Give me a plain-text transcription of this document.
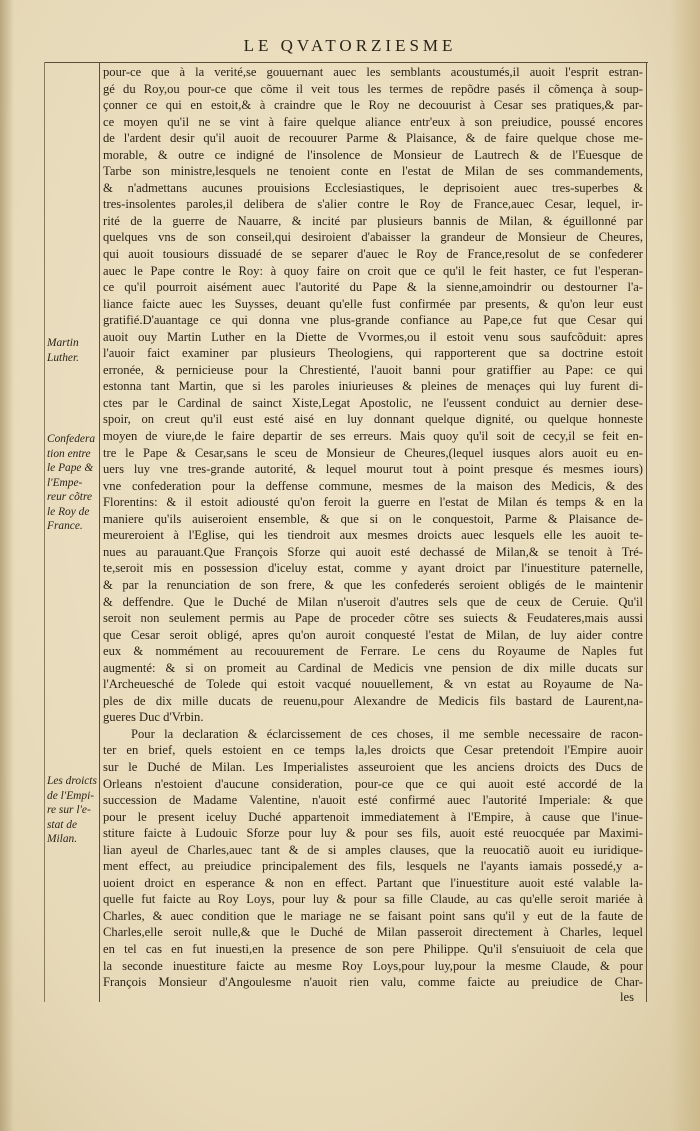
LE QVATORZIESME
Martin
Luther.
Confedera
tion entre
le Pape &
l'Empe-
reur cõtre
le Roy de
France.
Les droicts
de l'Empi-
re sur l'e-
stat de
Milan.
pour-ce que à la verité,se gouuernant auec les semblants acoustumés,il auoit l'esprit estran-
gé du Roy,ou pour-ce que cõme il veit tous les termes de repõdre pasés il cõmença à soup-
çonner ce qui en estoit,& à craindre que le Roy ne decouurist à Cesar ses pratiques,& par-
ce moyen qu'il ne se vint à faire quelque aliance entr'eux à son preiudice, poussé encores
de l'ardent desir qu'il auoit de recouurer Parme & Plaisance, & de faire quelque chose me-
morable, & outre ce indigné de l'insolence de Monsieur de Lautrech & de l'Euesque de
Tarbe son ministre,lesquels ne tenoient conte en l'estat de Milan de ses commandements,
& n'admettans aucunes prouisions Ecclesiastiques, le deprisoient auec tres-superbes &
tres-insolentes paroles,il delibera de s'alier contre le Roy de France,auec Cesar, lequel, ir-
rité de la guerre de Nauarre, & incité par plusieurs bannis de Milan, & éguillonné par
quelques vns de son conseil,qui desiroient d'abaisser la grandeur de Monsieur de Cheures,
qui auoit tousiours dissuadé de se separer d'auec le Roy de France,resolut de se confederer
auec le Pape contre le Roy: à quoy faire on croit que ce qu'il le feit haster, ce fut l'esperan-
ce qu'il pourroit aisément auec l'autorité du Pape & la sienne,amoindrir ou destourner l'a-
liance faicte auec les Suysses, deuant qu'elle fust confirmée par presents, & qu'on leur eust
gratifié.D'auantage ce qui donna vne plus-grande confiance au Pape,ce fut que Cesar qui
auoit ouy Martin Luther en la Diette de Vvormes,ou il estoit venu sous saufcõduit: apres
l'auoir faict examiner par plusieurs Theologiens, qui rapporterent que sa doctrine estoit
erronée, & pernicieuse pour la Chrestienté, l'auoit banni pour gratiffier au Pape: ce qui
estonna tant Martin, que si les paroles iniurieuses & pleines de menaçes qui luy furent di-
ctes par le Cardinal de sainct Xiste,Legat Apostolic, ne l'eussent conduict au dernier dese-
spoir, on creut qu'il eust esté aisé en luy donnant quelque dignité, ou quelque honneste
moyen de viure,de le faire departir de ses erreurs. Mais quoy qu'il soit de cecy,il se feit en-
tre le Pape & Cesar,sans le sceu de Monsieur de Cheures,(lequel iusques alors auoit eu en-
uers luy vne tres-grande autorité, & lequel mourut tout à point presque és mesmes iours)
vne confederation pour la deffense commune, mesmes de la maison des Medicis, & des
Florentins: & il estoit adiousté qu'on feroit la guerre en l'estat de Milan és temps & en la
maniere qu'ils auiseroient ensemble, & que si on le conquestoit, Parme & Plaisance de-
meureroient à l'Eglise, qui les tiendroit aux mesmes droicts auec lesquels elle les auoit te-
nues au parauant.Que François Sforze qui auoit esté dechassé de Milan,& se tenoit à Tré-
te,seroit mis en possession d'iceluy estat, comme y ayant droict par l'inuestiture paternelle,
& par la renunciation de son frere, & que les confederés seroient obligés de le maintenir
& deffendre. Que le Duché de Milan n'useroit d'autres sels que de ceux de Ceruie. Qu'il
seroit non seulement permis au Pape de proceder cõtre ses suiects & Feudateres,mais aussi
que Cesar seroit obligé, apres qu'on auroit conquesté l'estat de Milan, de luy aider contre
eux & nommément au recouurement de Ferrare. Le cens du Royaume de Naples fut
augmenté: & si on promeit au Cardinal de Medicis vne pension de dix mille ducats sur
l'Archeuesché de Tolede qui estoit vacqué nouuellement, & vn estat au Royaume de Na-
ples de dix mille ducats de reuenu,pour Alexandre de Medicis fils bastard de Laurent,na-
gueres Duc d'Vrbin.
Pour la declaration & éclarcissement de ces choses, il me semble necessaire de racon-
ter en brief, quels estoient en ce temps la,les droicts que Cesar pretendoit l'Empire auoir
sur le Duché de Milan. Les Imperialistes asseuroient que les anciens droicts des Ducs de
Orleans n'estoient d'aucune consideration, pour-ce que ce qui auoit esté accordé de la
succession de Madame Valentine, n'auoit esté confirmé auec l'autorité Imperiale: & que
pour le present iceluy Duché appartenoit immediatement à l'Empire, à cause que l'inue-
stiture faicte à Ludouic Sforze pour luy & pour ses fils, auoit esté reuocquée par Maximi-
lian ayeul de Charles,auec tant & de si amples clauses, que la reuocatiõ auoit eu iuridique-
ment effect, au preiudice principalement des fils, lesquels ne l'ayants iamais possedé,y a-
uoient droict en esperance & non en effect. Partant que l'inuestiture auoit esté valable la-
quelle fut faicte au Roy Loys, pour luy & pour sa fille Claude, au cas qu'elle seroit mariée à
Charles, & auec condition que le mariage ne se faisant point sans qu'il y eut de la faute de
Charles,elle seroit nulle,& que le Duché de Milan passeroit directement à Charles, lequel
en tel cas en fut inuesti,en la presence de son pere Philippe. Qu'il s'ensuiuoit de cela que
la seconde inuestiture faicte au mesme Roy Loys,pour luy,pour la mesme Claude, & pour
François Monsieur d'Angoulesme n'auoit rien valu, comme faicte au preiudice de Char-
les
